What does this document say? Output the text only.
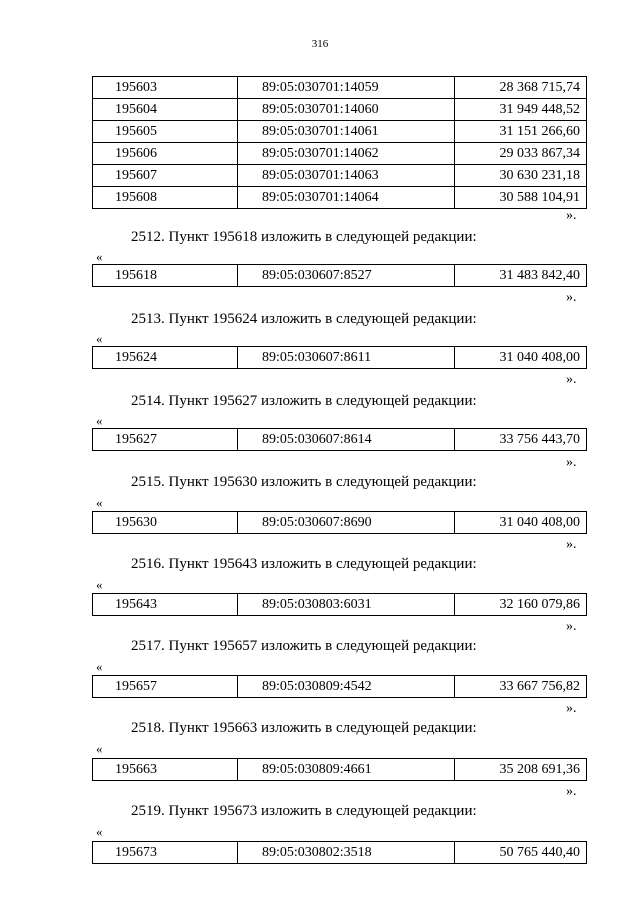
316
195603	89:05:030701:14059	28 368 715,74
195604	89:05:030701:14060	31 949 448,52
195605	89:05:030701:14061	31 151 266,60
195606	89:05:030701:14062	29 033 867,34
195607	89:05:030701:14063	30 630 231,18
195608	89:05:030701:14064	30 588 104,91
».
2512. Пункт 195618 изложить в следующей редакции:
«
195618	89:05:030607:8527	31 483 842,40
».
2513. Пункт 195624 изложить в следующей редакции:
«
195624	89:05:030607:8611	31 040 408,00
».
2514. Пункт 195627 изложить в следующей редакции:
«
195627	89:05:030607:8614	33 756 443,70
».
2515. Пункт 195630 изложить в следующей редакции:
«
195630	89:05:030607:8690	31 040 408,00
».
2516. Пункт 195643 изложить в следующей редакции:
«
195643	89:05:030803:6031	32 160 079,86
».
2517. Пункт 195657 изложить в следующей редакции:
«
195657	89:05:030809:4542	33 667 756,82
».
2518. Пункт 195663 изложить в следующей редакции:
«
195663	89:05:030809:4661	35 208 691,36
».
2519. Пункт 195673 изложить в следующей редакции:
«
195673	89:05:030802:3518	50 765 440,40
